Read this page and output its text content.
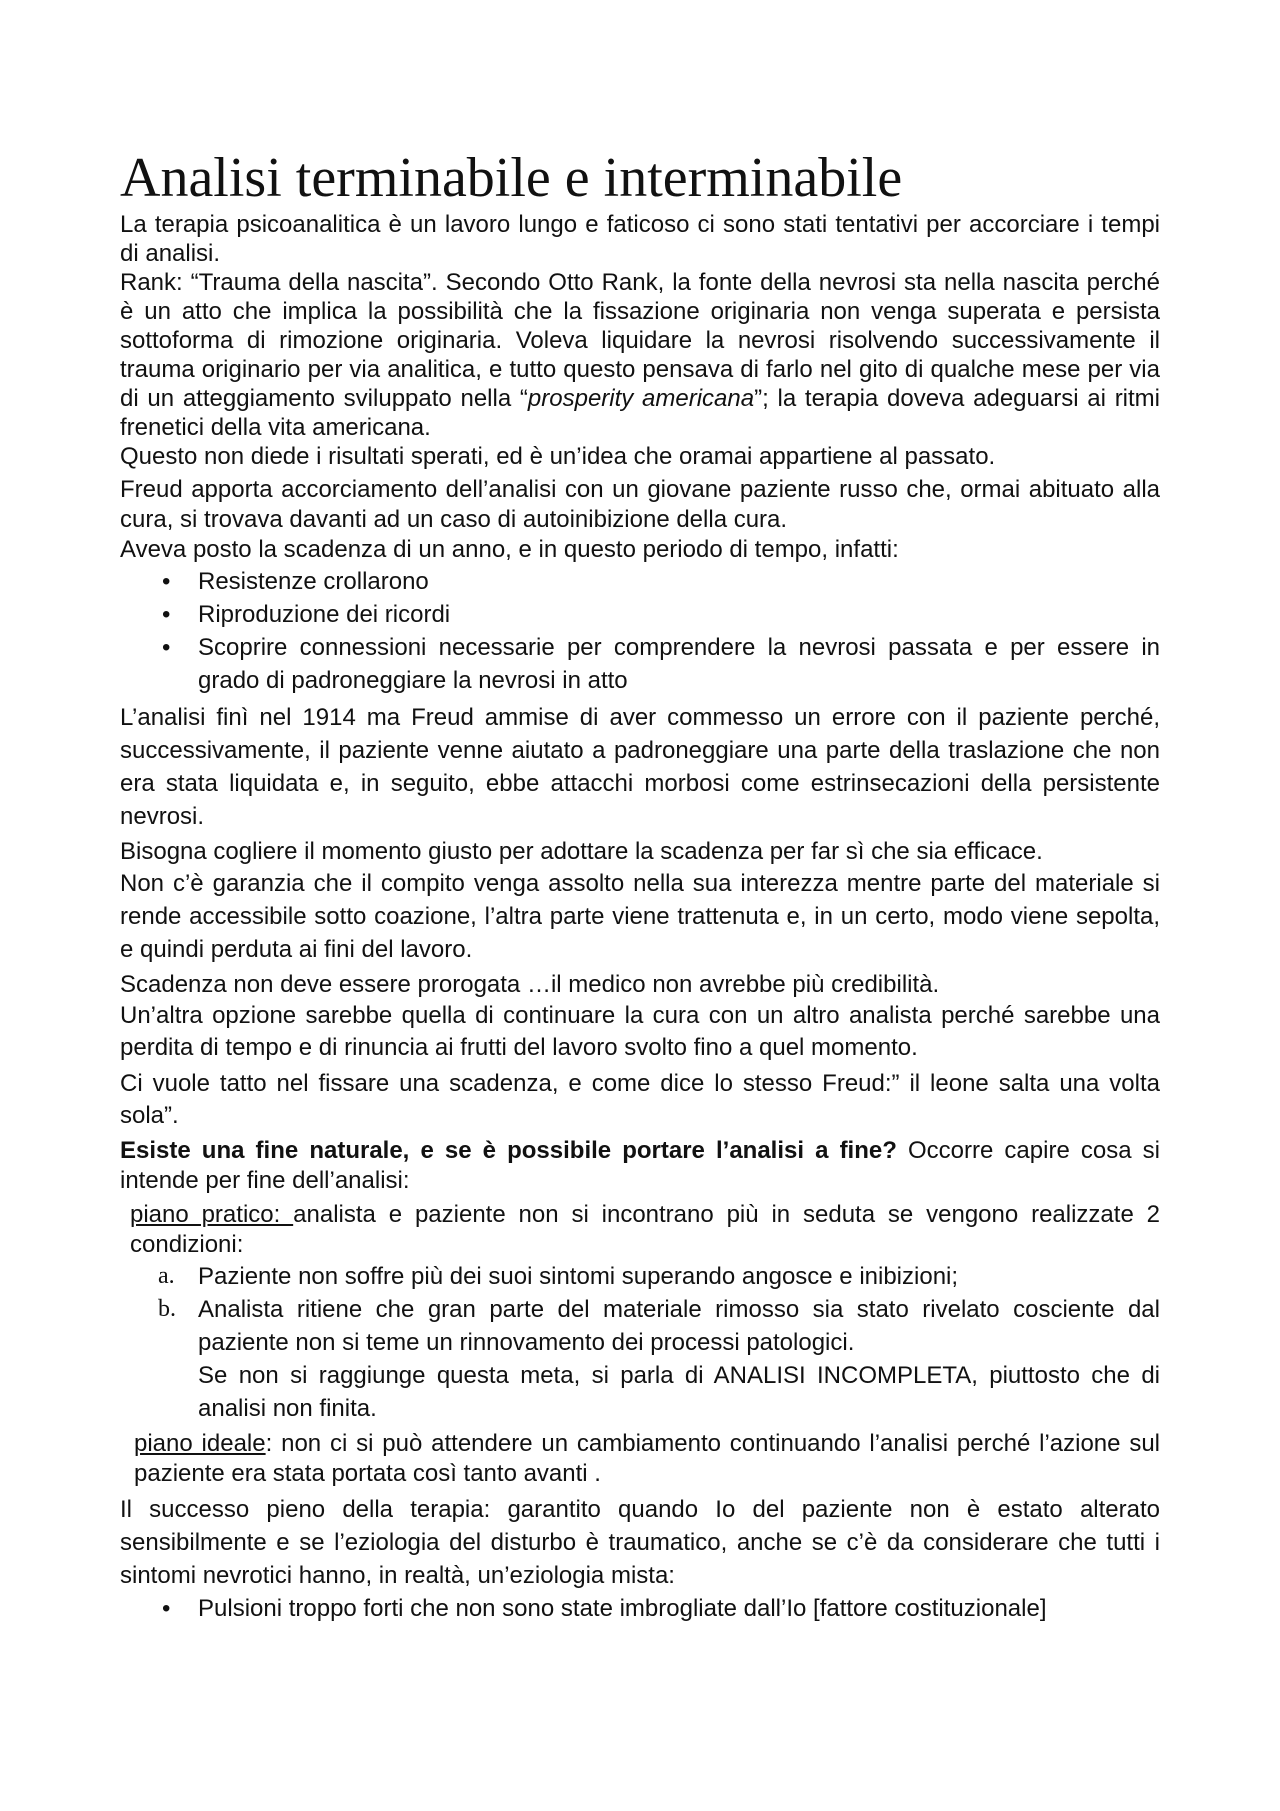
Analisi terminabile e interminabile

La terapia psicoanalitica è un lavoro lungo e faticoso ci sono stati tentativi per accorciare i tempi di analisi.

Rank: “Trauma della nascita”. Secondo Otto Rank, la fonte della nevrosi sta nella nascita perché è un atto che implica la possibilità che la fissazione originaria non venga superata e persista sottoforma di rimozione originaria. Voleva liquidare la nevrosi risolvendo successivamente il trauma originario per via analitica, e tutto questo pensava di farlo nel gito di qualche mese per via di un atteggiamento sviluppato nella “prosperity americana”; la terapia doveva adeguarsi ai ritmi frenetici della vita americana.

Questo non diede i risultati sperati, ed è un’idea che oramai appartiene al passato.

Freud apporta accorciamento dell’analisi con un giovane paziente russo che, ormai abituato alla cura, si trovava davanti ad un caso di autoinibizione della cura.

Aveva posto la scadenza di un anno, e in questo periodo di tempo, infatti:

• Resistenze crollarono
• Riproduzione dei ricordi
• Scoprire connessioni necessarie per comprendere la nevrosi passata e per essere in grado di padroneggiare la nevrosi in atto

L’analisi finì nel 1914 ma Freud ammise di aver commesso un errore con il paziente perché, successivamente, il paziente venne aiutato a padroneggiare una parte della traslazione che non era stata liquidata e, in seguito, ebbe attacchi morbosi come estrinsecazioni della persistente nevrosi.

Bisogna cogliere il momento giusto per adottare la scadenza per far sì che sia efficace.

Non c’è garanzia che il compito venga assolto nella sua interezza mentre parte del materiale si rende accessibile sotto coazione, l’altra parte viene trattenuta e, in un certo, modo viene sepolta, e quindi perduta ai fini del lavoro.

Scadenza non deve essere prorogata …il medico non avrebbe più credibilità.

Un’altra opzione sarebbe quella di continuare la cura con un altro analista perché sarebbe una perdita di tempo e di rinuncia ai frutti del lavoro svolto fino a quel momento.

Ci vuole tatto nel fissare una scadenza, e come dice lo stesso Freud:” il leone salta una volta sola”.

Esiste una fine naturale, e se è possibile portare l’analisi a fine? Occorre capire cosa si intende per fine dell’analisi:

piano pratico: analista e paziente non si incontrano più in seduta se vengono realizzate 2 condizioni:

a. Paziente non soffre più dei suoi sintomi superando angosce e inibizioni;
b. Analista ritiene che gran parte del materiale rimosso sia stato rivelato cosciente dal paziente non si teme un rinnovamento dei processi patologici.

Se non si raggiunge questa meta, si parla di ANALISI INCOMPLETA, piuttosto che di analisi non finita.

piano ideale: non ci si può attendere un cambiamento continuando l’analisi perché l’azione sul paziente era stata portata così tanto avanti .

Il successo pieno della terapia: garantito quando Io del paziente non è estato alterato sensibilmente e se l’eziologia del disturbo è traumatico, anche se c’è da considerare che tutti i sintomi nevrotici hanno, in realtà, un’eziologia mista:

• Pulsioni troppo forti che non sono state imbrogliate dall’Io [fattore costituzionale]
